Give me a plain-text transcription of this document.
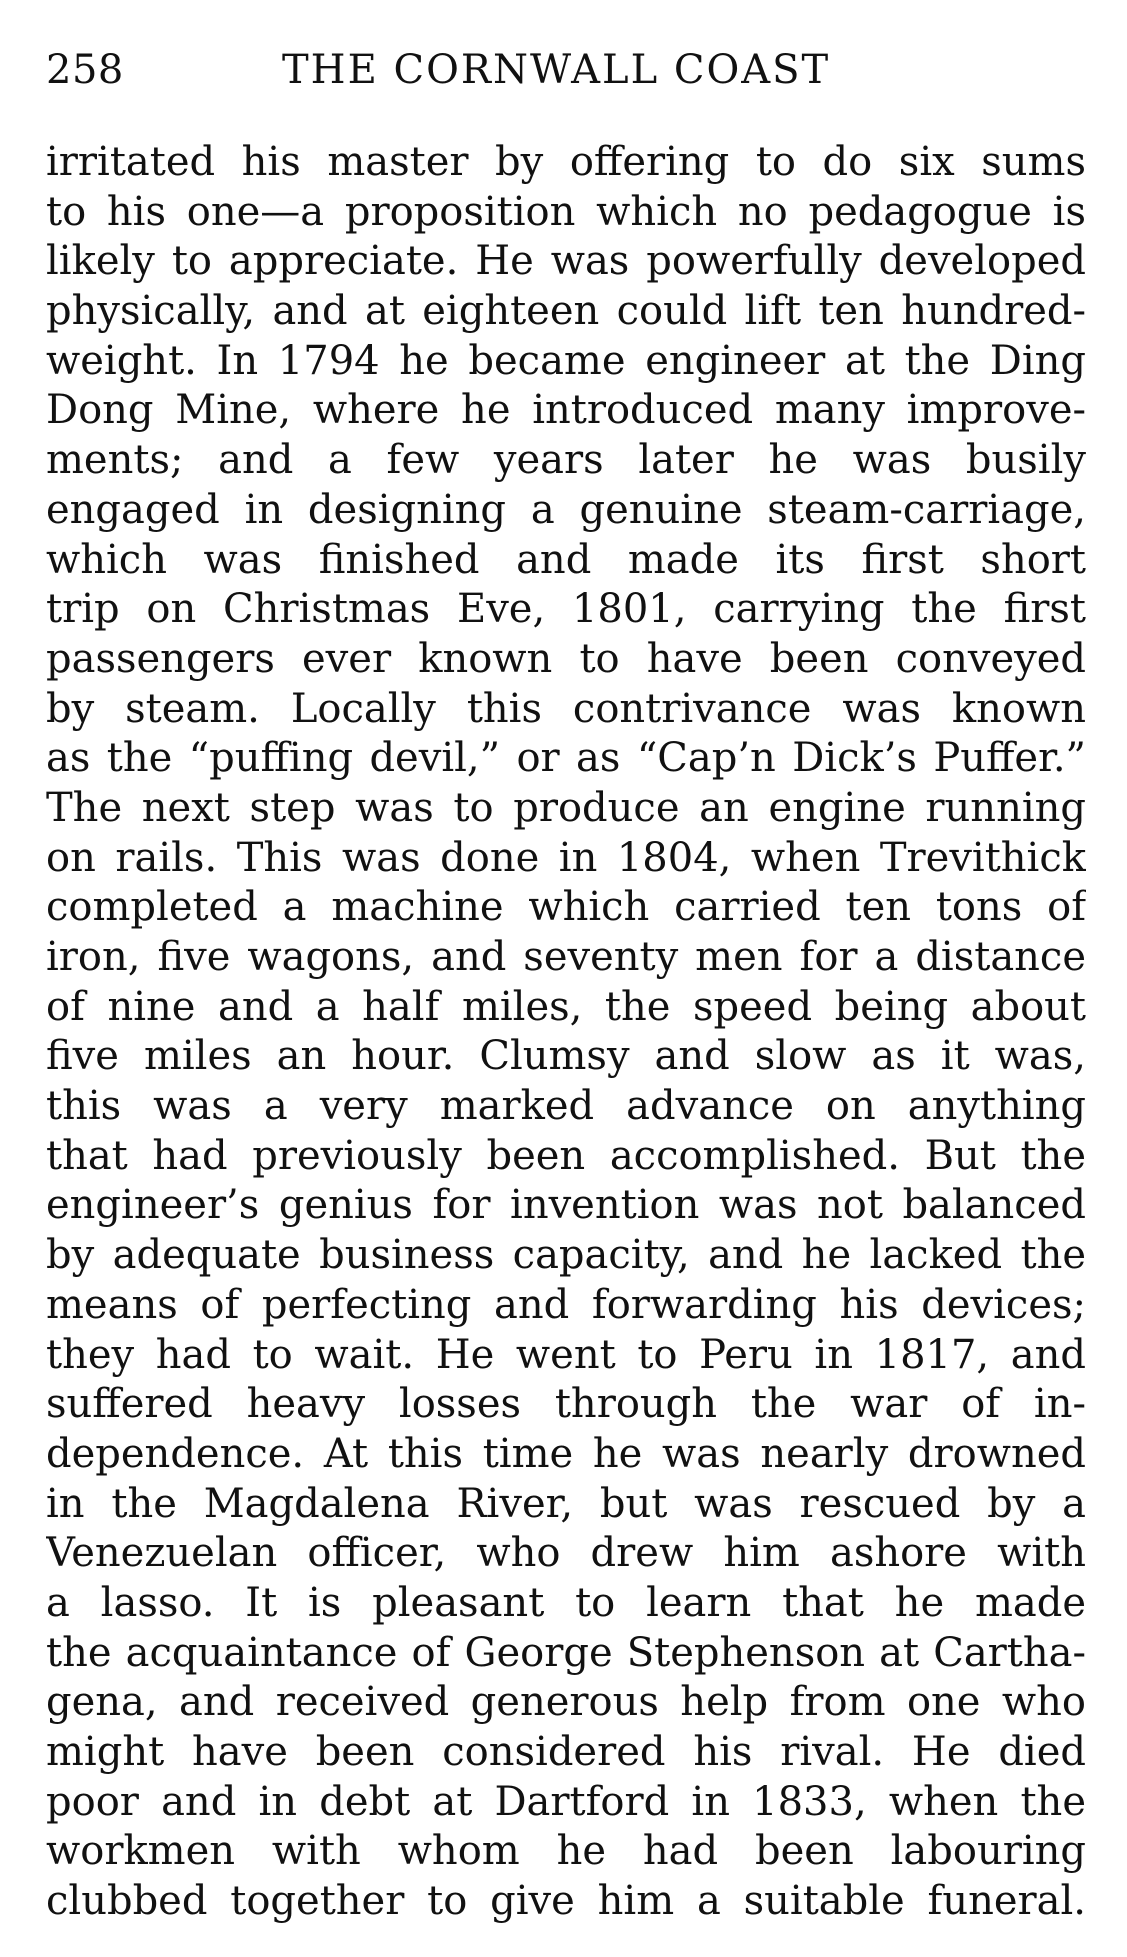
258	THE CORNWALL COAST
irritated his master by offering to do six sums
to his one—a proposition which no pedagogue is
likely to appreciate. He was powerfully developed
physically, and at eighteen could lift ten hundred-
weight. In 1794 he became engineer at the Ding
Dong Mine, where he introduced many improve-
ments; and a few years later he was busily
engaged in designing a genuine steam-carriage,
which was finished and made its first short
trip on Christmas Eve, 1801, carrying the first
passengers ever known to have been conveyed
by steam. Locally this contrivance was known
as the “puffing devil,” or as “Cap’n Dick’s Puffer.”
The next step was to produce an engine running
on rails. This was done in 1804, when Trevithick
completed a machine which carried ten tons of
iron, five wagons, and seventy men for a distance
of nine and a half miles, the speed being about
five miles an hour. Clumsy and slow as it was,
this was a very marked advance on anything
that had previously been accomplished. But the
engineer’s genius for invention was not balanced
by adequate business capacity, and he lacked the
means of perfecting and forwarding his devices;
they had to wait. He went to Peru in 1817, and
suffered heavy losses through the war of in-
dependence. At this time he was nearly drowned
in the Magdalena River, but was rescued by a
Venezuelan officer, who drew him ashore with
a lasso. It is pleasant to learn that he made
the acquaintance of George Stephenson at Cartha-
gena, and received generous help from one who
might have been considered his rival. He died
poor and in debt at Dartford in 1833, when the
workmen with whom he had been labouring
clubbed together to give him a suitable funeral.
